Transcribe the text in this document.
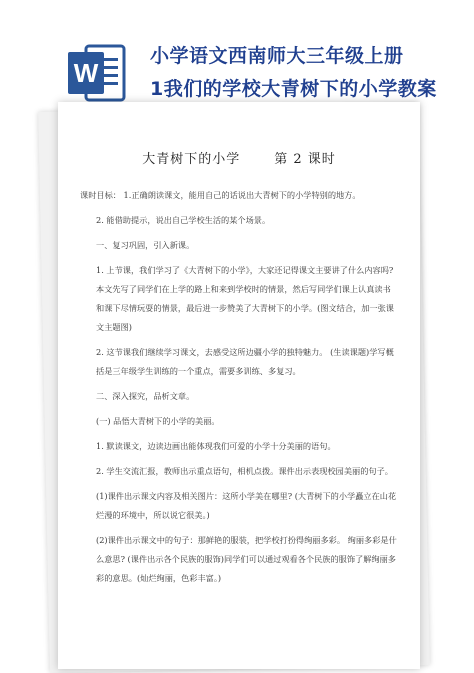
W
小学语文西南师大三年级上册
1我们的学校大青树下的小学教案
大青树下的小学	第 2 课时
课时目标： 1.正确朗读课文，能用自己的话说出大青树下的小学特别的地方。
2. 能借助提示，说出自己学校生活的某个场景。
一、复习巩固，引入新课。
1. 上节课，我们学习了《大青树下的小学》，大家还记得课文主要讲了什么内容吗?本文先写了同学们在上学的路上和来到学校时的情景，然后写同学们课上认真读书和课下尽情玩耍的情景，最后进一步赞美了大青树下的小学。(图文结合，加一张课文主题图)
2. 这节课我们继续学习课文，去感受这所边疆小学的独特魅力。 (生读课题)学写概括是三年级学生训练的一个重点，需要多训练、多复习。
二、深入探究，品析文章。
(一) 品悟大青树下的小学的美丽。
1. 默读课文，边读边画出能体现我们可爱的小学十分美丽的语句。
2. 学生交流汇报，教师出示重点语句，相机点拨。课件出示表现校园美丽的句子。
(1)课件出示课文内容及相关图片：这所小学美在哪里? (大青树下的小学矗立在山花烂漫的环境中，所以说它很美。)
(2)课件出示课文中的句子：那鲜艳的服装，把学校打扮得绚丽多彩。 绚丽多彩是什么意思? (课件出示各个民族的服饰)同学们可以通过观看各个民族的服饰了解绚丽多彩的意思。(灿烂绚丽，色彩丰富。)
